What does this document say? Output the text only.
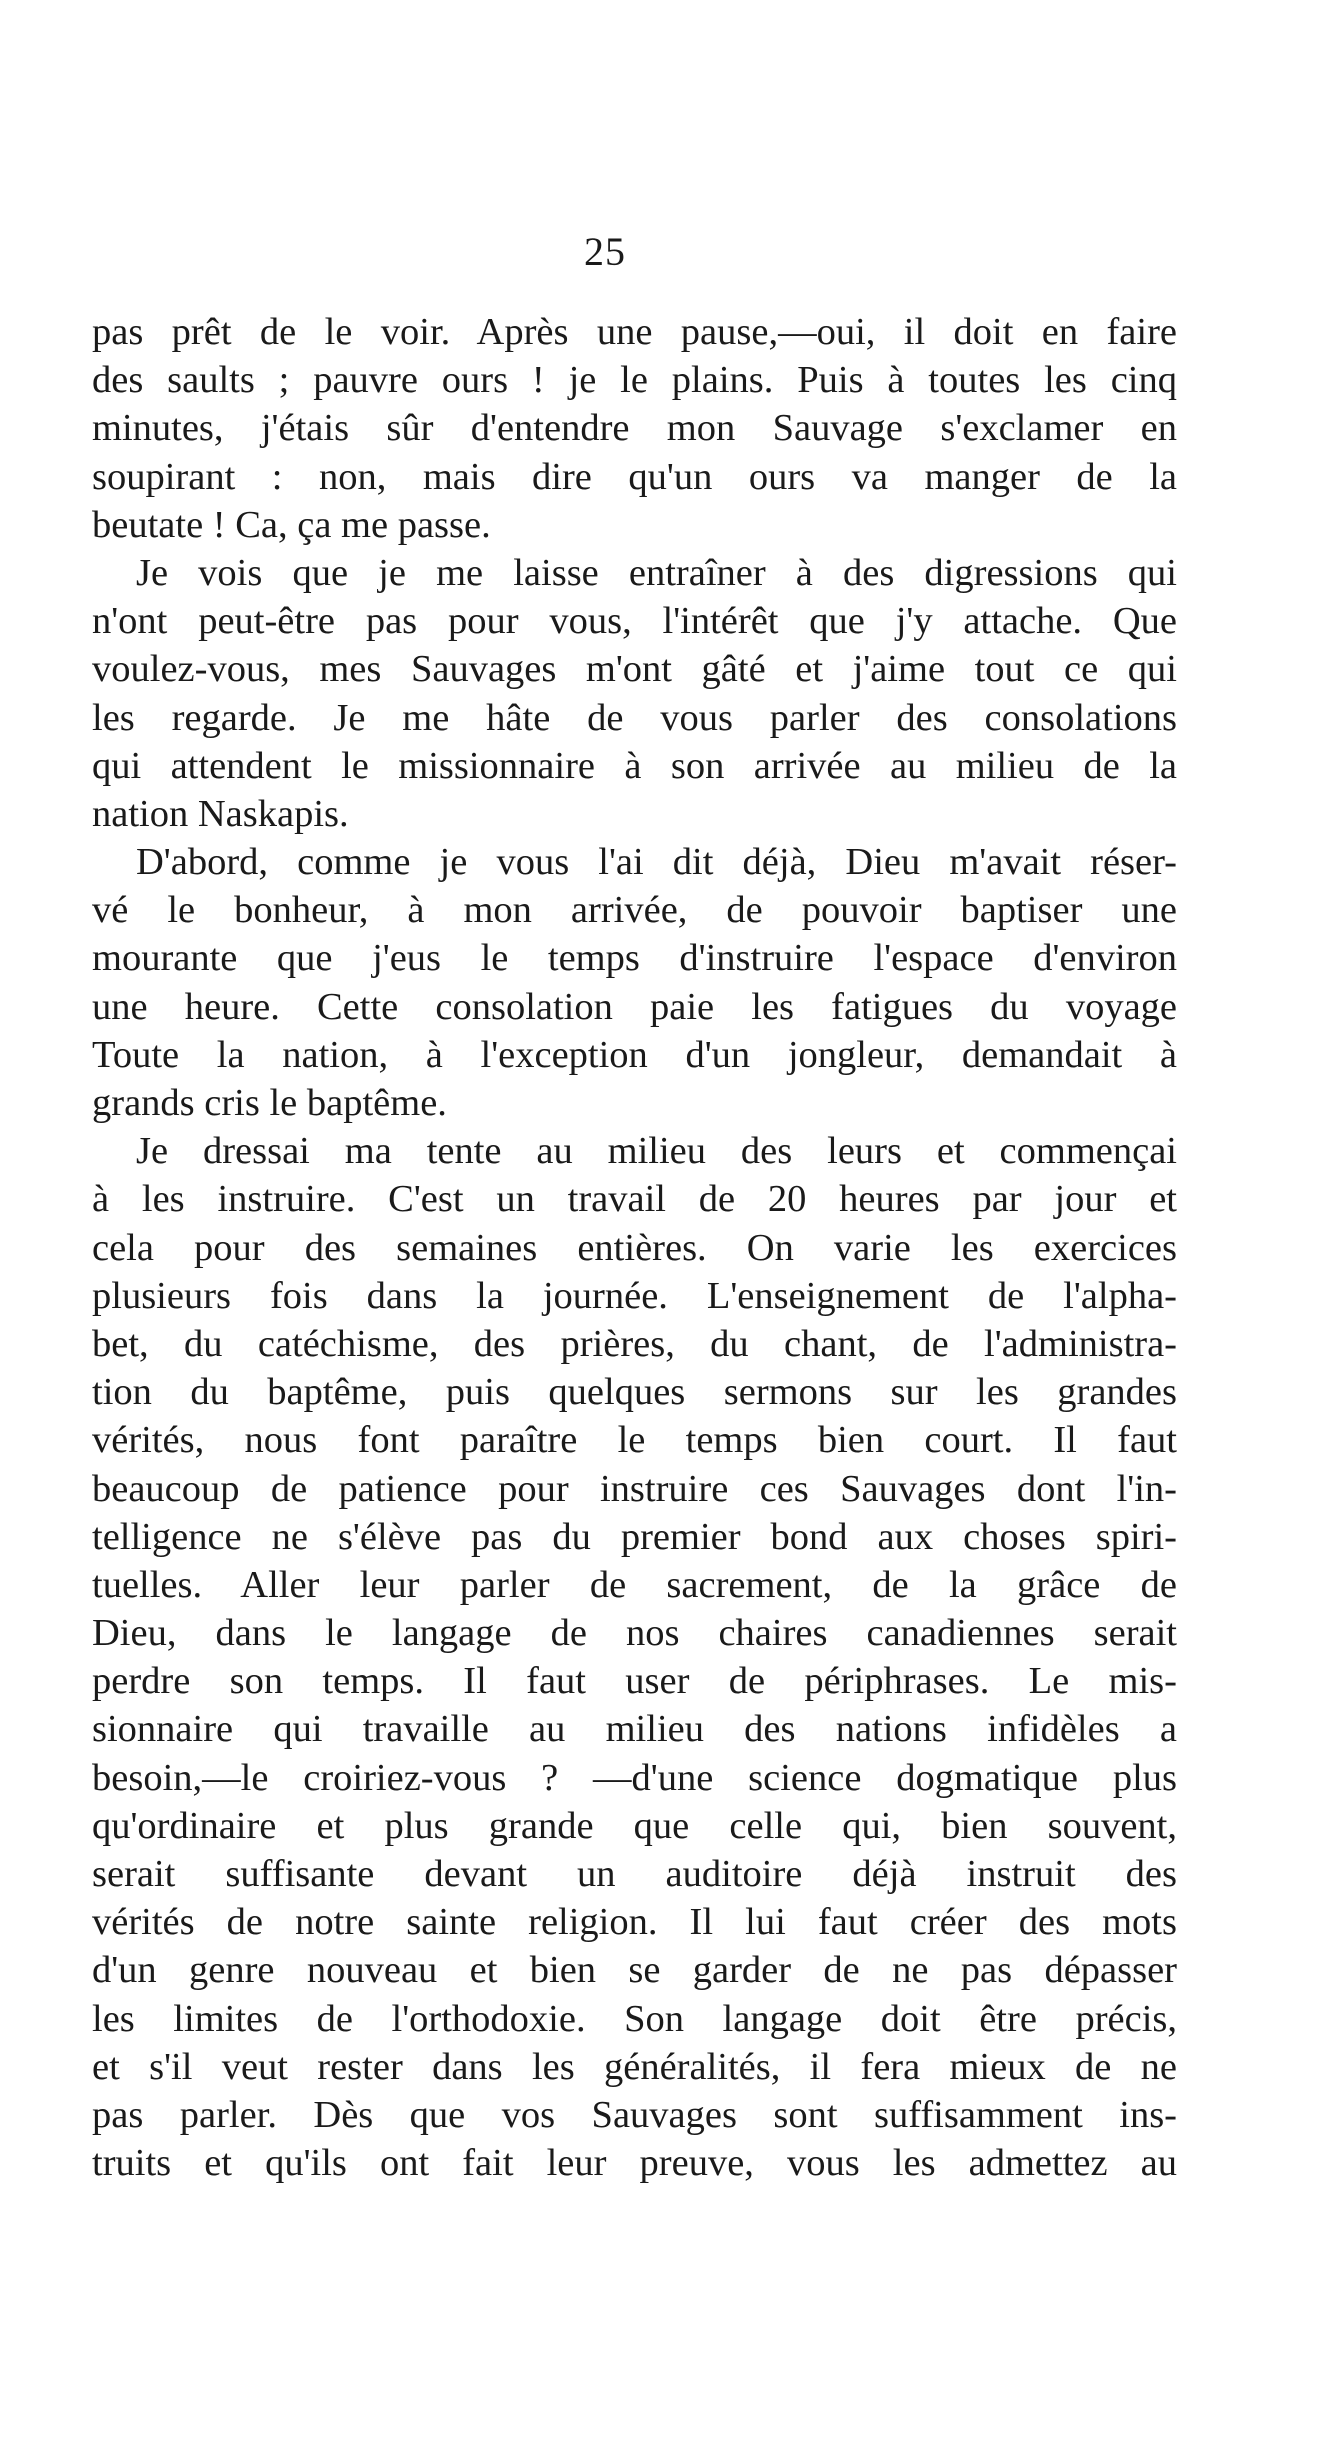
25
pas prêt de le voir. Après une pause,—oui, il doit en faire
des saults ; pauvre ours ! je le plains. Puis à toutes les cinq
minutes, j'étais sûr d'entendre mon Sauvage s'exclamer en
soupirant : non, mais dire qu'un ours va manger de la
beutate ! Ca, ça me passe.
Je vois que je me laisse entraîner à des digressions qui
n'ont peut-être pas pour vous, l'intérêt que j'y attache. Que
voulez-vous, mes Sauvages m'ont gâté et j'aime tout ce qui
les regarde. Je me hâte de vous parler des consolations
qui attendent le missionnaire à son arrivée au milieu de la
nation Naskapis.
D'abord, comme je vous l'ai dit déjà, Dieu m'avait réser-
vé le bonheur, à mon arrivée, de pouvoir baptiser une
mourante que j'eus le temps d'instruire l'espace d'environ
une heure. Cette consolation paie les fatigues du voyage
Toute la nation, à l'exception d'un jongleur, demandait à
grands cris le baptême.
Je dressai ma tente au milieu des leurs et commençai
à les instruire. C'est un travail de 20 heures par jour et
cela pour des semaines entières. On varie les exercices
plusieurs fois dans la journée. L'enseignement de l'alpha-
bet, du catéchisme, des prières, du chant, de l'administra-
tion du baptême, puis quelques sermons sur les grandes
vérités, nous font paraître le temps bien court. Il faut
beaucoup de patience pour instruire ces Sauvages dont l'in-
telligence ne s'élève pas du premier bond aux choses spiri-
tuelles. Aller leur parler de sacrement, de la grâce de
Dieu, dans le langage de nos chaires canadiennes serait
perdre son temps. Il faut user de périphrases. Le mis-
sionnaire qui travaille au milieu des nations infidèles a
besoin,—le croiriez-vous ? —d'une science dogmatique plus
qu'ordinaire et plus grande que celle qui, bien souvent,
serait suffisante devant un auditoire déjà instruit des
vérités de notre sainte religion. Il lui faut créer des mots
d'un genre nouveau et bien se garder de ne pas dépasser
les limites de l'orthodoxie. Son langage doit être précis,
et s'il veut rester dans les généralités, il fera mieux de ne
pas parler. Dès que vos Sauvages sont suffisamment ins-
truits et qu'ils ont fait leur preuve, vous les admettez au
